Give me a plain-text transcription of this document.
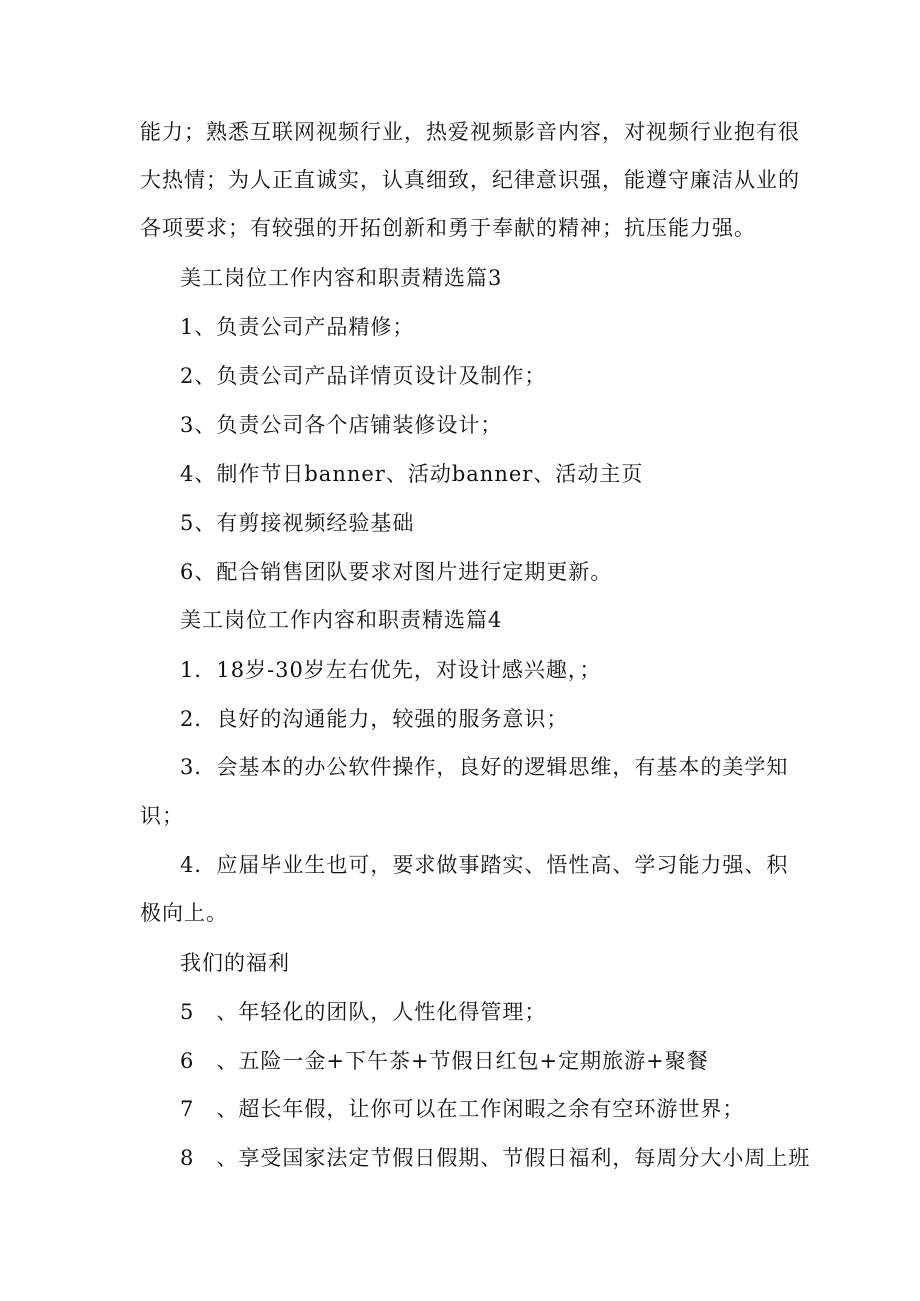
能力；熟悉互联网视频行业，热爱视频影音内容，对视频行业抱有很
大热情；为人正直诚实，认真细致，纪律意识强，能遵守廉洁从业的
各项要求；有较强的开拓创新和勇于奉献的精神；抗压能力强。
美工岗位工作内容和职责精选篇3
1、负责公司产品精修；
2、负责公司产品详情页设计及制作；
3、负责公司各个店铺装修设计；
4、制作节日banner、活动banner、活动主页
5、有剪接视频经验基础
6、配合销售团队要求对图片进行定期更新。
美工岗位工作内容和职责精选篇4
1．18岁-30岁左右优先，对设计感兴趣，；
2．良好的沟通能力，较强的服务意识；
3．会基本的办公软件操作，良好的逻辑思维，有基本的美学知
识；
4．应届毕业生也可，要求做事踏实、悟性高、学习能力强、积
极向上。
我们的福利
5　、年轻化的团队，人性化得管理；
6　、五险一金+下午茶+节假日红包+定期旅游+聚餐
7　、超长年假，让你可以在工作闲暇之余有空环游世界；
8　、享受国家法定节假日假期、节假日福利，每周分大小周上班
